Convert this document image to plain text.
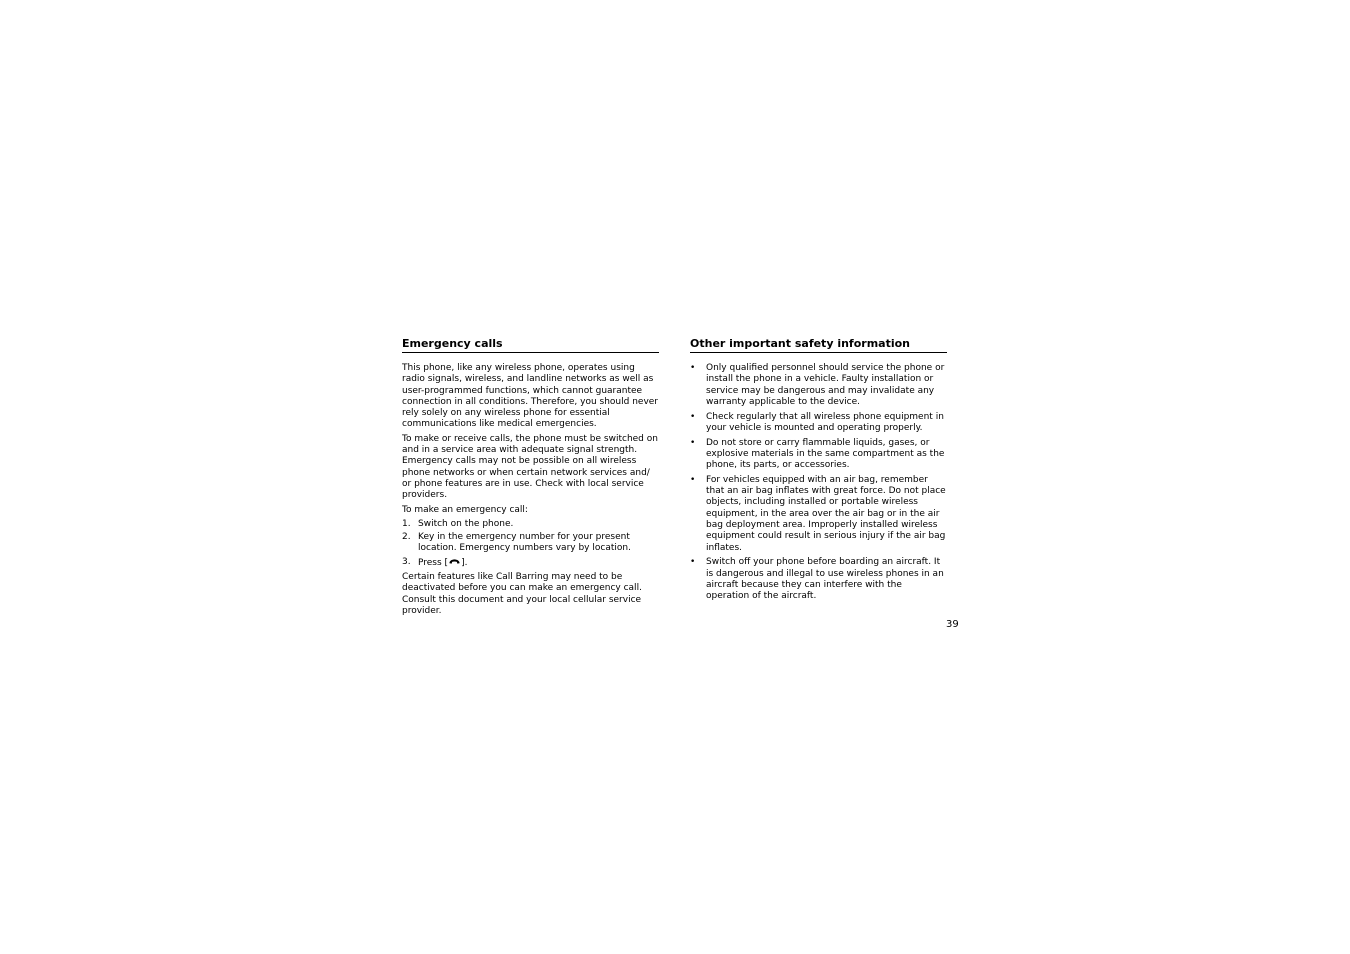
Emergency calls

This phone, like any wireless phone, operates using radio signals, wireless, and landline networks as well as user-programmed functions, which cannot guarantee connection in all conditions. Therefore, you should never rely solely on any wireless phone for essential communications like medical emergencies.

To make or receive calls, the phone must be switched on and in a service area with adequate signal strength. Emergency calls may not be possible on all wireless phone networks or when certain network services and/ or phone features are in use. Check with local service providers.

To make an emergency call:

1. Switch on the phone.
2. Key in the emergency number for your present location. Emergency numbers vary by location.
3. Press [ ].

Certain features like Call Barring may need to be deactivated before you can make an emergency call. Consult this document and your local cellular service provider.

Other important safety information
• Only qualified personnel should service the phone or install the phone in a vehicle. Faulty installation or service may be dangerous and may invalidate any warranty applicable to the device.
• Check regularly that all wireless phone equipment in your vehicle is mounted and operating properly.
• Do not store or carry flammable liquids, gases, or explosive materials in the same compartment as the phone, its parts, or accessories.
• For vehicles equipped with an air bag, remember that an air bag inflates with great force. Do not place objects, including installed or portable wireless equipment, in the area over the air bag or in the air bag deployment area. Improperly installed wireless equipment could result in serious injury if the air bag inflates.
• Switch off your phone before boarding an aircraft. It is dangerous and illegal to use wireless phones in an aircraft because they can interfere with the operation of the aircraft.
39
